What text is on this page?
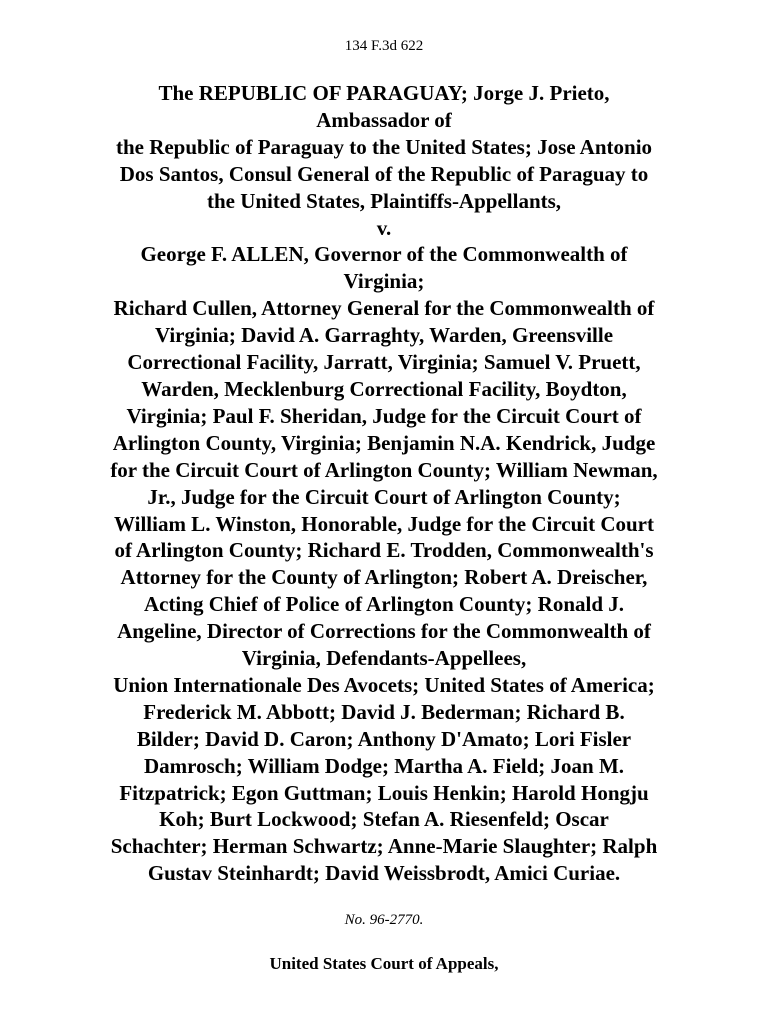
134 F.3d 622
The REPUBLIC OF PARAGUAY; Jorge J. Prieto,
Ambassador of
the Republic of Paraguay to the United States; Jose Antonio
Dos Santos, Consul General of the Republic of Paraguay to
the United States, Plaintiffs-Appellants,
v.
George F. ALLEN, Governor of the Commonwealth of
Virginia;
Richard Cullen, Attorney General for the Commonwealth of
Virginia; David A. Garraghty, Warden, Greensville
Correctional Facility, Jarratt, Virginia; Samuel V. Pruett,
Warden, Mecklenburg Correctional Facility, Boydton,
Virginia; Paul F. Sheridan, Judge for the Circuit Court of
Arlington County, Virginia; Benjamin N.A. Kendrick, Judge
for the Circuit Court of Arlington County; William Newman,
Jr., Judge for the Circuit Court of Arlington County;
William L. Winston, Honorable, Judge for the Circuit Court
of Arlington County; Richard E. Trodden, Commonwealth's
Attorney for the County of Arlington; Robert A. Dreischer,
Acting Chief of Police of Arlington County; Ronald J.
Angeline, Director of Corrections for the Commonwealth of
Virginia, Defendants-Appellees,
Union Internationale Des Avocets; United States of America;
Frederick M. Abbott; David J. Bederman; Richard B.
Bilder; David D. Caron; Anthony D'Amato; Lori Fisler
Damrosch; William Dodge; Martha A. Field; Joan M.
Fitzpatrick; Egon Guttman; Louis Henkin; Harold Hongju
Koh; Burt Lockwood; Stefan A. Riesenfeld; Oscar
Schachter; Herman Schwartz; Anne-Marie Slaughter; Ralph
Gustav Steinhardt; David Weissbrodt, Amici Curiae.
No. 96-2770.
United States Court of Appeals,
